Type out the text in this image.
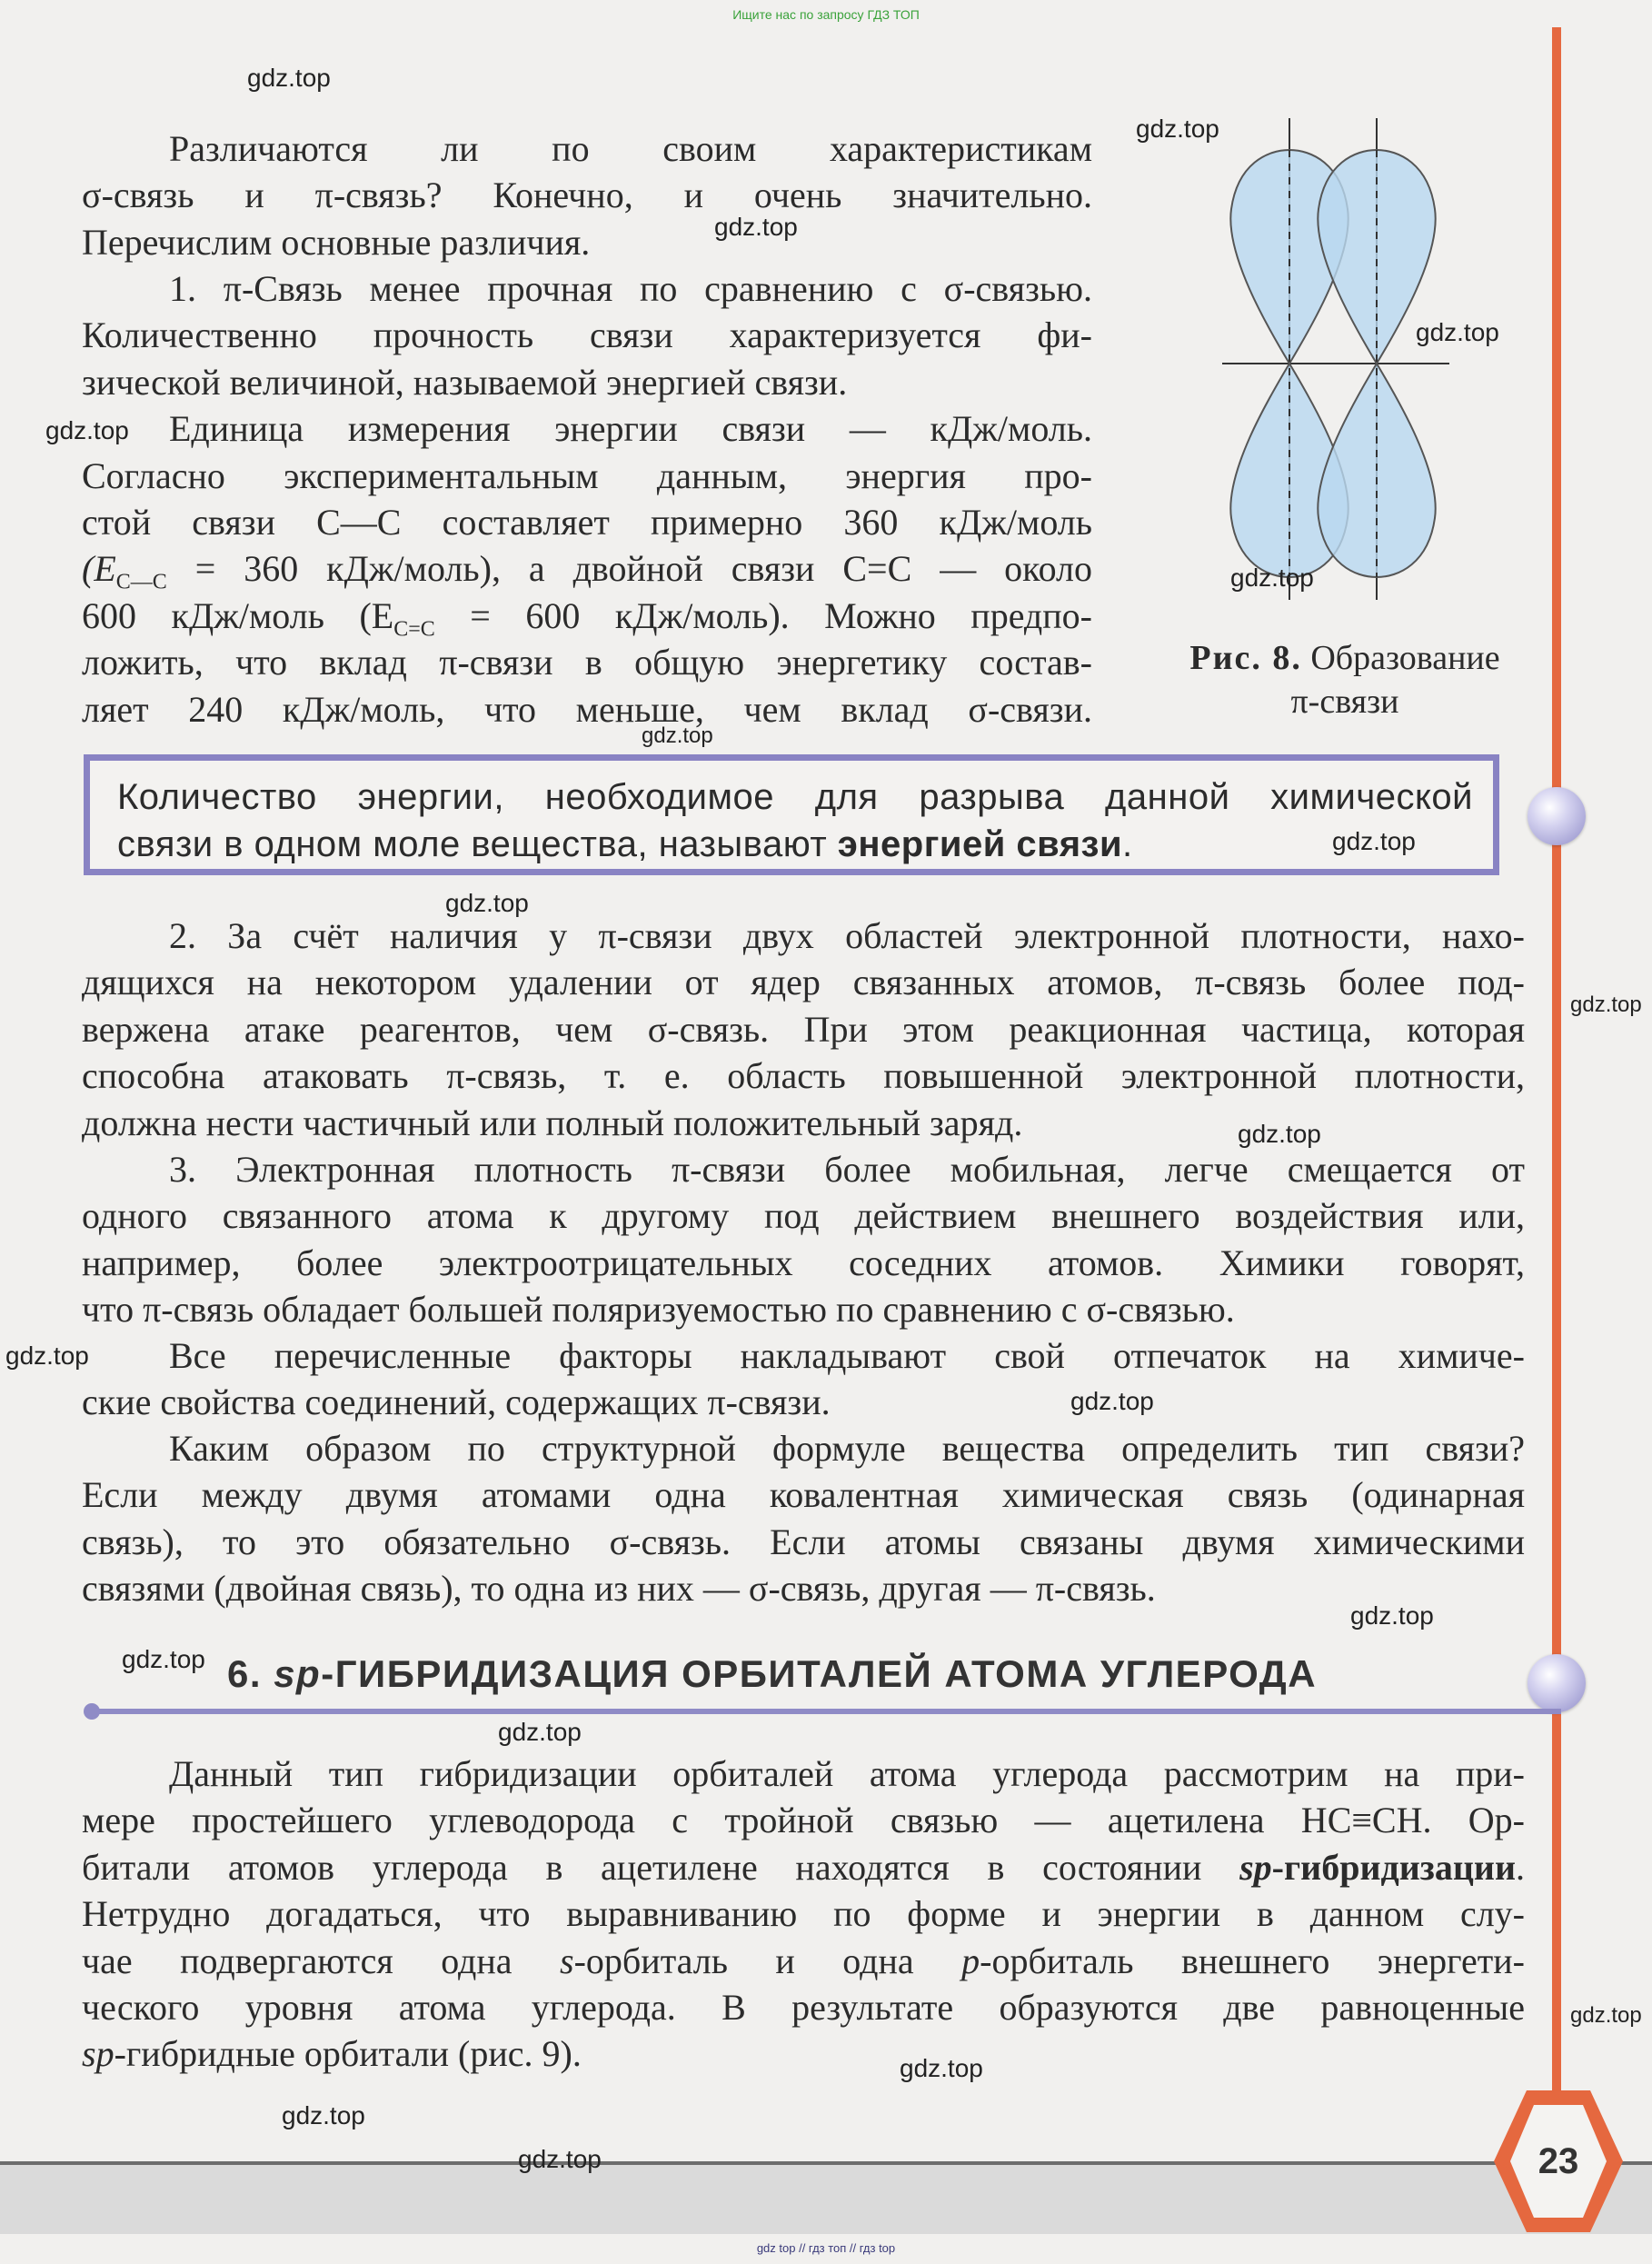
Ищите нас по запросу ГДЗ ТОП
Различаются ли по своим характеристикам
σ-связь и π-связь? Конечно, и очень значительно.
Перечислим основные различия.
1. π-Связь менее прочная по сравнению с σ-связью.
Количественно прочность связи характеризуется фи-
зической величиной, называемой энергией связи.
Единица измерения энергии связи — кДж/моль.
Согласно экспериментальным данным, энергия про-
стой связи С—С составляет примерно 360 кДж/моль
($E_{С—С} = 360$ кДж/моль), а двойной связи С=С — около
600 кДж/моль ($E_{С=С} = 600$ кДж/моль). Можно предпо-
ложить, что вклад π-связи в общую энергетику состав-
ляет 240 кДж/моль, что меньше, чем вклад σ-связи.
Рис. 8. Образование
π-связи
Количество энергии, необходимое для разрыва данной химической
связи в одном моле вещества, называют энергией связи.
2. За счёт наличия у π-связи двух областей электронной плотности, нахо-
дящихся на некотором удалении от ядер связанных атомов, π-связь более под-
вержена атаке реагентов, чем σ-связь. При этом реакционная частица, которая
способна атаковать π-связь, т. е. область повышенной электронной плотности,
должна нести частичный или полный положительный заряд.
3. Электронная плотность π-связи более мобильная, легче смещается от
одного связанного атома к другому под действием внешнего воздействия или,
например, более электроотрицательных соседних атомов. Химики говорят,
что π-связь обладает большей поляризуемостью по сравнению с σ-связью.
Все перечисленные факторы накладывают свой отпечаток на химиче-
ские свойства соединений, содержащих π-связи.
Каким образом по структурной формуле вещества определить тип связи?
Если между двумя атомами одна ковалентная химическая связь (одинарная
связь), то это обязательно σ-связь. Если атомы связаны двумя химическими
связями (двойная связь), то одна из них — σ-связь, другая — π-связь.
6. sp-ГИБРИДИЗАЦИЯ ОРБИТАЛЕЙ АТОМА УГЛЕРОДА
Данный тип гибридизации орбиталей атома углерода рассмотрим на при-
мере простейшего углеводорода с тройной связью — ацетилена HC≡CH. Ор-
битали атомов углерода в ацетилене находятся в состоянии sp-гибридизации.
Нетрудно догадаться, что выравниванию по форме и энергии в данном слу-
чае подвергаются одна s-орбиталь и одна p-орбиталь внешнего энергети-
ческого уровня атома углерода. В результате образуются две равноценные
sp-гибридные орбитали (рис. 9).
23
gdz top // гдз топ // гдз top
gdz.top
gdz.top
gdz.top
gdz.top
gdz.top
gdz.top
gdz.top
gdz.top
gdz.top
gdz.top
gdz.top
gdz.top
gdz.top
gdz.top
gdz.top
gdz.top
gdz.top
gdz.top
gdz.top
gdz.top
